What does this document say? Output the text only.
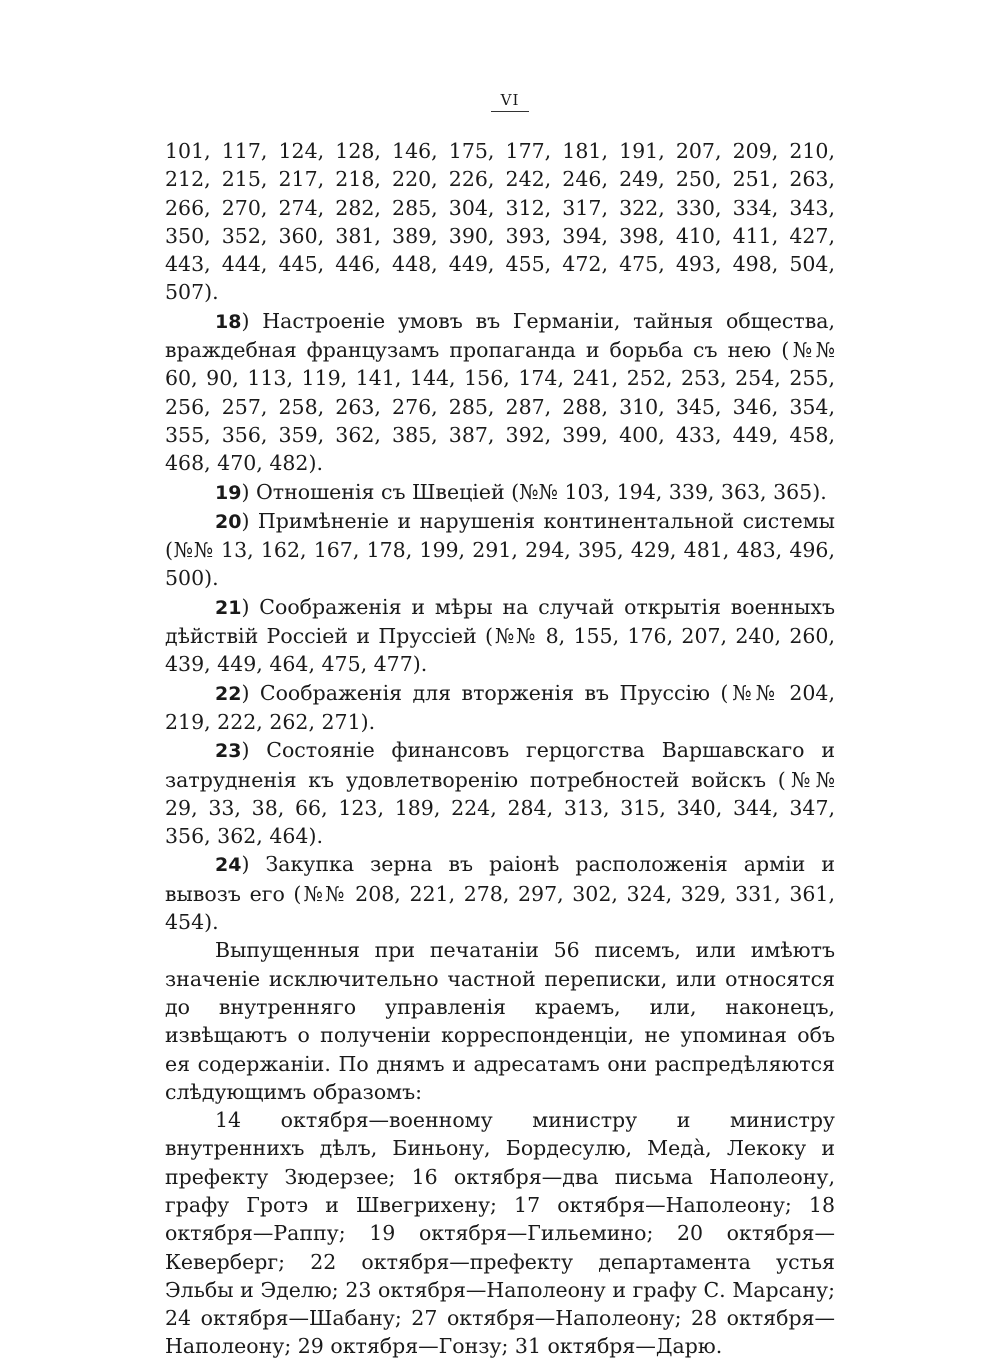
VI

101, 117, 124, 128, 146, 175, 177, 181, 191, 207, 209, 210, 212, 215, 217, 218, 220, 226, 242, 246, 249, 250, 251, 263, 266, 270, 274, 282, 285, 304, 312, 317, 322, 330, 334, 343, 350, 352, 360, 381, 389, 390, 393, 394, 398, 410, 411, 427, 443, 444, 445, 446, 448, 449, 455, 472, 475, 493, 498, 504, 507).

18) Настроеніе умовъ въ Германіи, тайныя общества, враждебная французамъ пропаганда и борьба съ нею (№№ 60, 90, 113, 119, 141, 144, 156, 174, 241, 252, 253, 254, 255, 256, 257, 258, 263, 276, 285, 287, 288, 310, 345, 346, 354, 355, 356, 359, 362, 385, 387, 392, 399, 400, 433, 449, 458, 468, 470, 482).

19) Отношенія съ Швеціей (№№ 103, 194, 339, 363, 365).

20) Примѣненіе и нарушенія континентальной системы (№№ 13, 162, 167, 178, 199, 291, 294, 395, 429, 481, 483, 496, 500).

21) Соображенія и мѣры на случай открытія военныхъ дѣйствій Россіей и Пруссіей (№№ 8, 155, 176, 207, 240, 260, 439, 449, 464, 475, 477).

22) Соображенія для вторженія въ Пруссію (№№ 204, 219, 222, 262, 271).

23) Состояніе финансовъ герцогства Варшавскаго и затрудненія къ удовлетворенію потребностей войскъ (№№ 29, 33, 38, 66, 123, 189, 224, 284, 313, 315, 340, 344, 347, 356, 362, 464).

24) Закупка зерна въ раіонѣ расположенія арміи и вывозъ его (№№ 208, 221, 278, 297, 302, 324, 329, 331, 361, 454).

Выпущенныя при печатаніи 56 писемъ, или имѣютъ значеніе исключительно частной переписки, или относятся до внутренняго управленія краемъ, или, наконецъ, извѣщаютъ о полученіи корреспонденціи, не упоминая объ ея содержаніи. По днямъ и адресатамъ они распредѣляются слѣдующимъ образомъ:

14 октября—военному министру и министру внутреннихъ дѣлъ, Биньону, Бордесулю, Медà, Лекоку и префекту Зюдерзее; 16 октября—два письма Наполеону, графу Гротэ и Швегрихену; 17 октября—Наполеону; 18 октября—Раппу; 19 октября—Гильемино; 20 октября—Кеверберг; 22 октября—префекту департамента устья Эльбы и Эделю; 23 октября—Наполеону и графу С. Марсану; 24 октября—Шабану; 27 октября—Наполеону; 28 октября—Наполеону; 29 октября—Гонзу; 31 октября—Дарю.
